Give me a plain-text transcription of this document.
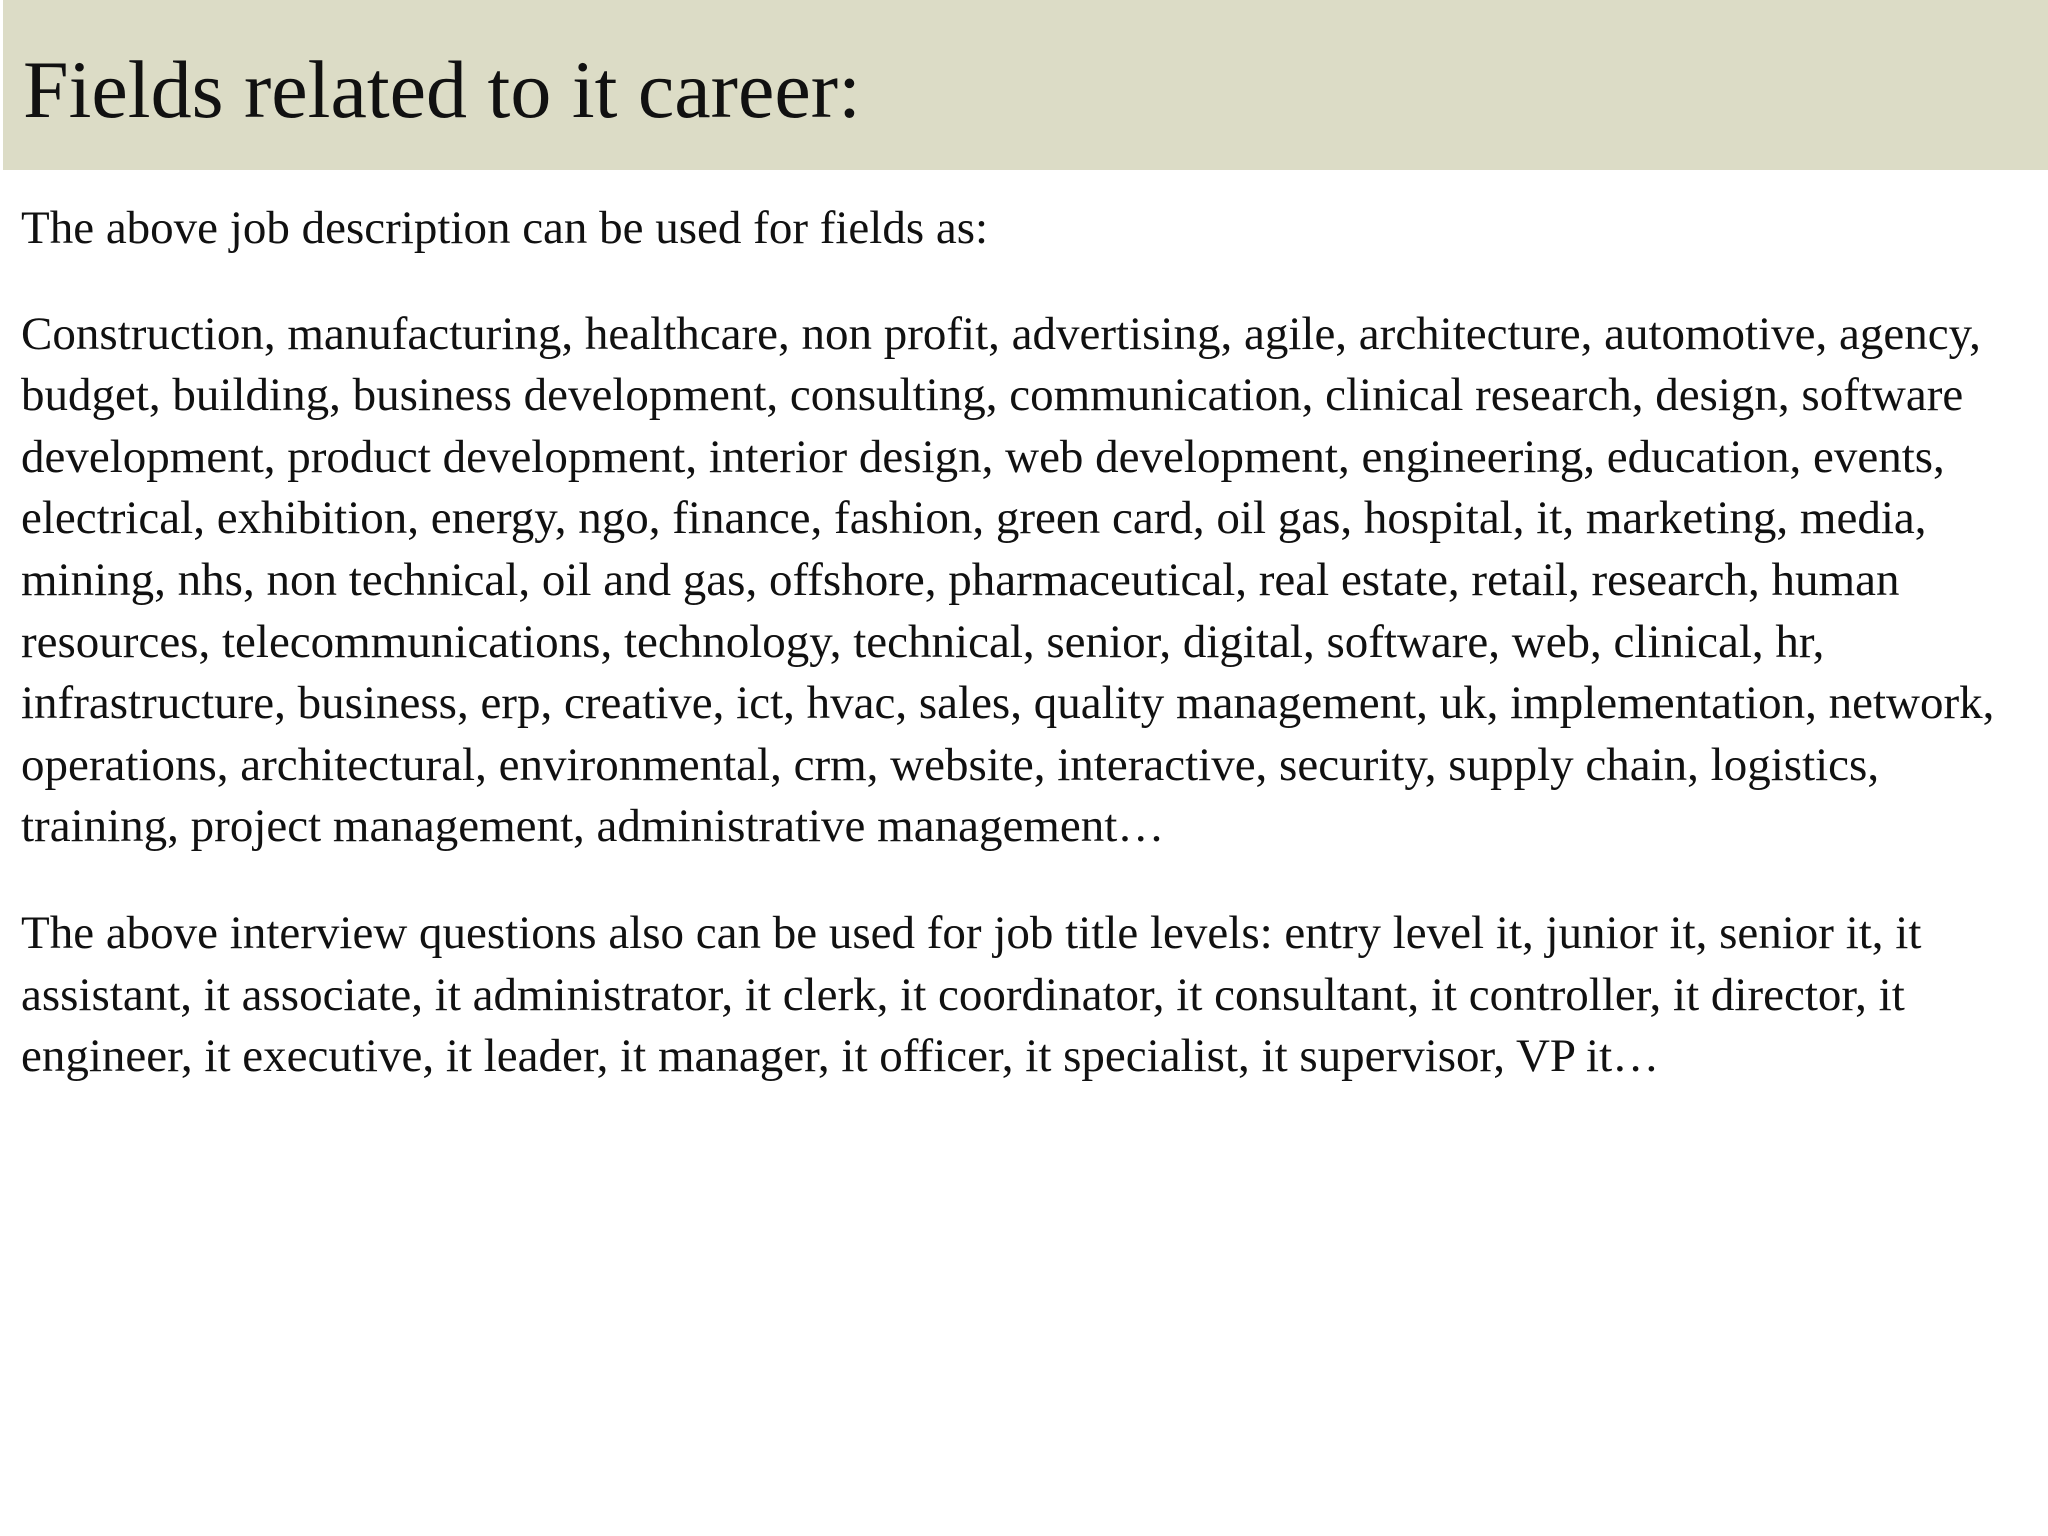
Fields related to it career:

The above job description can be used for fields as:

Construction, manufacturing, healthcare, non profit, advertising, agile, architecture, automotive, agency, budget, building, business development, consulting, communication, clinical research, design, software development, product development, interior design, web development, engineering, education, events, electrical, exhibition, energy, ngo, finance, fashion, green card, oil gas, hospital, it, marketing, media, mining, nhs, non technical, oil and gas, offshore, pharmaceutical, real estate, retail, research, human resources, telecommunications, technology, technical, senior, digital, software, web, clinical, hr, infrastructure, business, erp, creative, ict, hvac, sales, quality management, uk, implementation, network, operations, architectural, environmental, crm, website, interactive, security, supply chain, logistics, training, project management, administrative management…

The above interview questions also can be used for job title levels: entry level it, junior it, senior it, it assistant, it associate, it administrator, it clerk, it coordinator, it consultant, it controller, it director, it engineer, it executive, it leader, it manager, it officer, it specialist, it supervisor, VP it…
